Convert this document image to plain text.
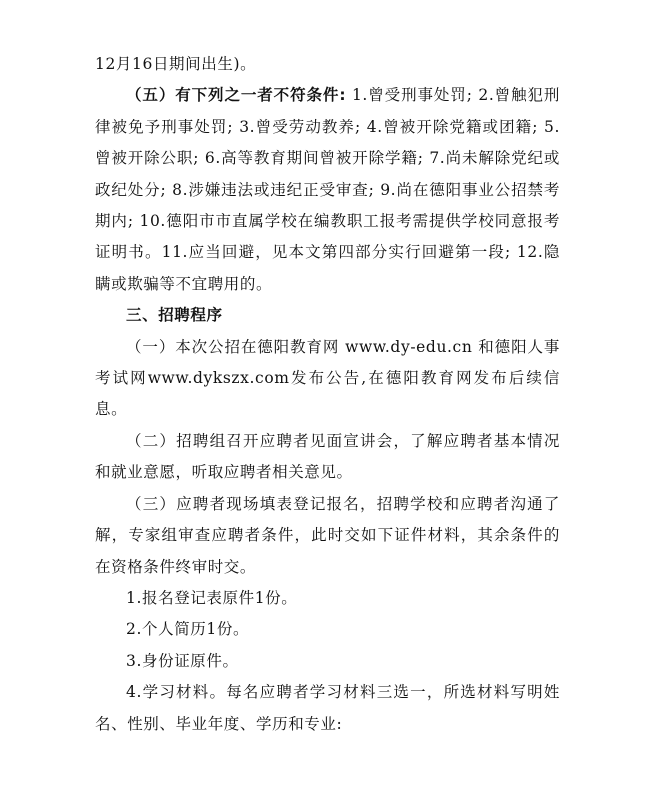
12月16日期间出生)。

（五）有下列之一者不符条件: 1.曾受刑事处罚; 2.曾触犯刑律被免予刑事处罚; 3.曾受劳动教养; 4.曾被开除党籍或团籍; 5.曾被开除公职; 6.高等教育期间曾被开除学籍; 7.尚未解除党纪或政纪处分; 8.涉嫌违法或违纪正受审查; 9.尚在德阳事业公招禁考期内; 10.德阳市市直属学校在编教职工报考需提供学校同意报考证明书。11.应当回避，见本文第四部分实行回避第一段; 12.隐瞒或欺骗等不宜聘用的。

三、招聘程序

（一）本次公招在德阳教育网 www.dy-edu.cn 和德阳人事考试网www.dykszx.com发布公告,在德阳教育网发布后续信息。

（二）招聘组召开应聘者见面宣讲会，了解应聘者基本情况和就业意愿，听取应聘者相关意见。

（三）应聘者现场填表登记报名，招聘学校和应聘者沟通了解，专家组审查应聘者条件，此时交如下证件材料，其余条件的在资格条件终审时交。

1.报名登记表原件1份。

2.个人简历1份。

3.身份证原件。

4.学习材料。每名应聘者学习材料三选一，所选材料写明姓名、性别、毕业年度、学历和专业:
